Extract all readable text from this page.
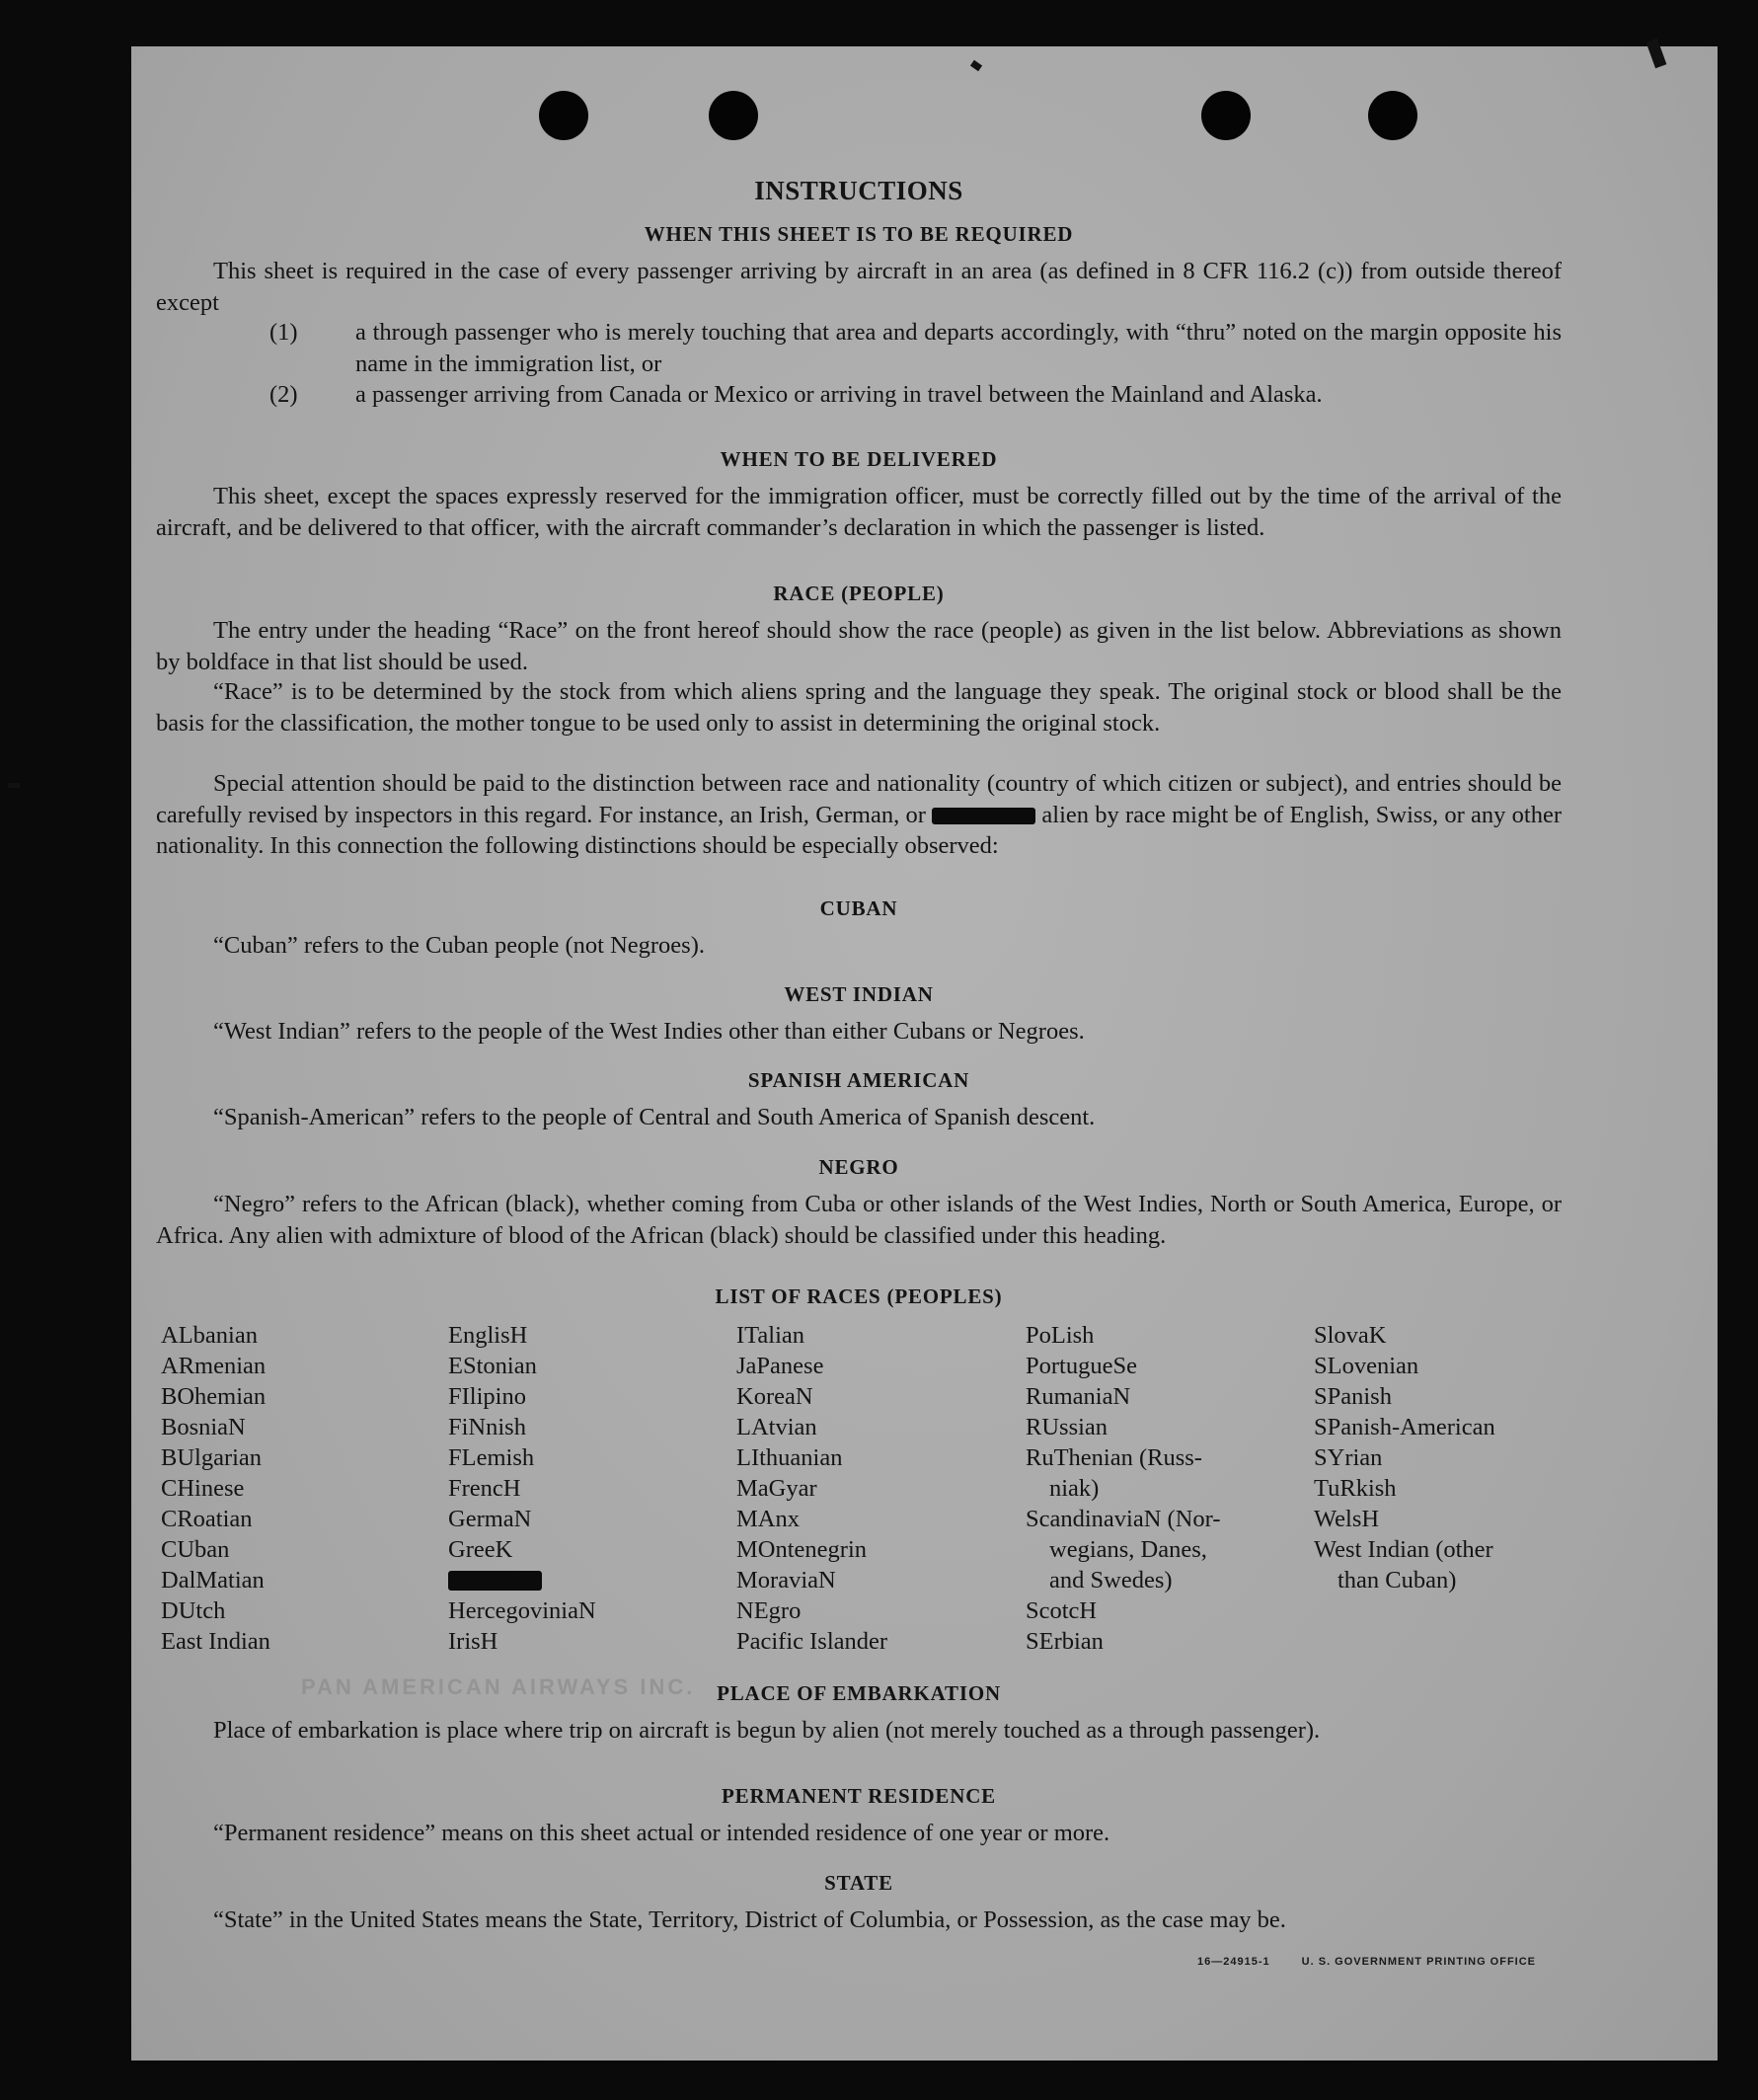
PAN AMERICAN AIRWAYS INC.
INSTRUCTIONS
WHEN THIS SHEET IS TO BE REQUIRED
This sheet is required in the case of every passenger arriving by aircraft in an area (as defined in 8 CFR 116.2 (c)) from outside thereof except
(1) a through passenger who is merely touching that area and departs accordingly, with “thru” noted on the margin opposite his name in the immigration list, or
(2) a passenger arriving from Canada or Mexico or arriving in travel between the Mainland and Alaska.
WHEN TO BE DELIVERED
This sheet, except the spaces expressly reserved for the immigration officer, must be correctly filled out by the time of the arrival of the aircraft, and be delivered to that officer, with the aircraft commander’s declaration in which the passenger is listed.
RACE (PEOPLE)
The entry under the heading “Race” on the front hereof should show the race (people) as given in the list below. Abbreviations as shown by boldface in that list should be used.
“Race” is to be determined by the stock from which aliens spring and the language they speak. The original stock or blood shall be the basis for the classification, the mother tongue to be used only to assist in determining the original stock.
Special attention should be paid to the distinction between race and nationality (country of which citizen or subject), and entries should be carefully revised by inspectors in this regard. For instance, an Irish, German, or	alien by race might be of English, Swiss, or any other nationality. In this connection the following distinctions should be especially observed:
CUBAN
“Cuban” refers to the Cuban people (not Negroes).
WEST INDIAN
“West Indian” refers to the people of the West Indies other than either Cubans or Negroes.
SPANISH AMERICAN
“Spanish-American” refers to the people of Central and South America of Spanish descent.
NEGRO
“Negro” refers to the African (black), whether coming from Cuba or other islands of the West Indies, North or South America, Europe, or Africa. Any alien with admixture of blood of the African (black) should be classified under this heading.
LIST OF RACES (PEOPLES)
ALbanian
ARmenian
BOhemian
BosniaN
BUlgarian
CHinese
CRoatian
CUban
DalMatian
DUtch
East Indian
EnglisH
EStonian
FIlipino
FiNnish
FLemish
FrencH
GermaN
GreeK
HercegoviniaN
IrisH
ITalian
JaPanese
KoreaN
LAtvian
LIthuanian
MaGyar
MAnx
MOntenegrin
MoraviaN
NEgro
Pacific Islander
PoLish
PortugueSe
RumaniaN
RUssian
RuThenian (Russ-
niak)
ScandinaviaN (Nor-
wegians, Danes,
and Swedes)
ScotcH
SErbian
SlovaK
SLovenian
SPanish
SPanish-American
SYrian
TuRkish
WelsH
West Indian (other
than Cuban)
PLACE OF EMBARKATION
Place of embarkation is place where trip on aircraft is begun by alien (not merely touched as a through passenger).
PERMANENT RESIDENCE
“Permanent residence” means on this sheet actual or intended residence of one year or more.
STATE
“State” in the United States means the State, Territory, District of Columbia, or Possession, as the case may be.
16—24915-1	U. S. GOVERNMENT PRINTING OFFICE
